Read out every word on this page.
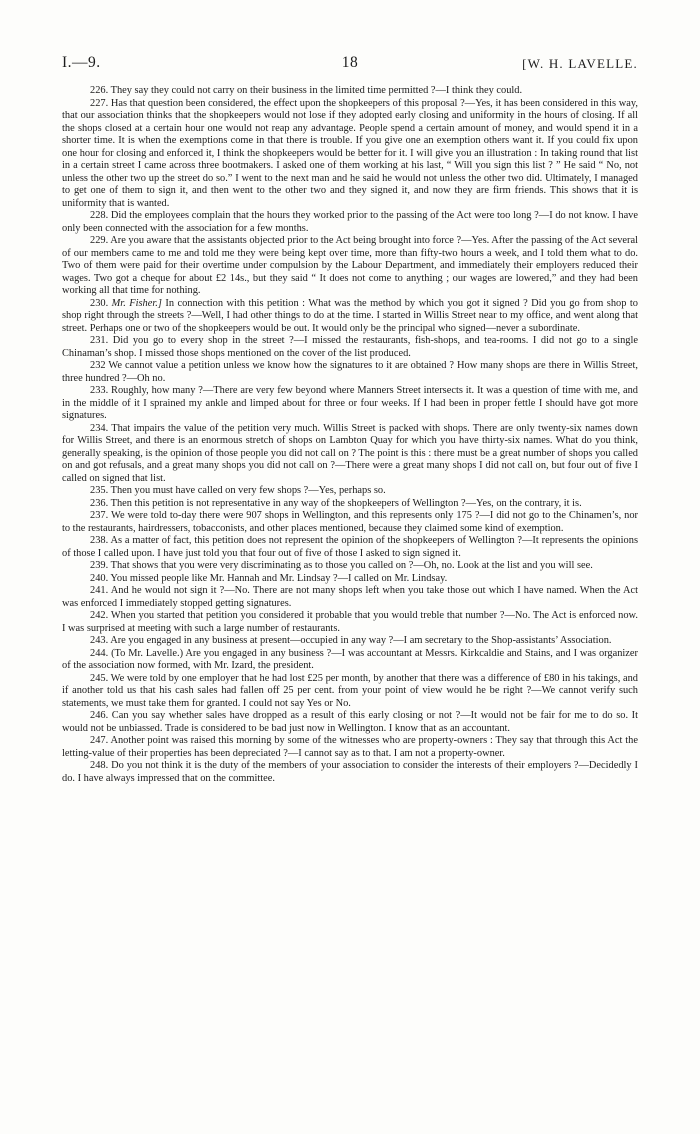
I.—9.	18	[W. H. LAVELLE.

226. They say they could not carry on their business in the limited time permitted ?—I think they could.

227. Has that question been considered, the effect upon the shopkeepers of this proposal ?—Yes, it has been considered in this way, that our association thinks that the shopkeepers would not lose if they adopted early closing and uniformity in the hours of closing. If all the shops closed at a certain hour one would not reap any advantage. People spend a certain amount of money, and would spend it in a shorter time. It is when the exemptions come in that there is trouble. If you give one an exemption others want it. If you could fix upon one hour for closing and enforced it, I think the shopkeepers would be better for it. I will give you an illustration : In taking round that list in a certain street I came across three bootmakers. I asked one of them working at his last, “ Will you sign this list ? ” He said “ No, not unless the other two up the street do so.” I went to the next man and he said he would not unless the other two did. Ultimately, I managed to get one of them to sign it, and then went to the other two and they signed it, and now they are firm friends. This shows that it is uniformity that is wanted.

228. Did the employees complain that the hours they worked prior to the passing of the Act were too long ?—I do not know. I have only been connected with the association for a few months.

229. Are you aware that the assistants objected prior to the Act being brought into force ?—Yes. After the passing of the Act several of our members came to me and told me they were being kept over time, more than fifty-two hours a week, and I told them what to do. Two of them were paid for their overtime under compulsion by the Labour Department, and immediately their employers reduced their wages. Two got a cheque for about £2 14s., but they said “ It does not come to anything ; our wages are lowered,” and they had been working all that time for nothing.

230. Mr. Fisher.] In connection with this petition : What was the method by which you got it signed ? Did you go from shop to shop right through the streets ?—Well, I had other things to do at the time. I started in Willis Street near to my office, and went along that street. Perhaps one or two of the shopkeepers would be out. It would only be the principal who signed—never a subordinate.

231. Did you go to every shop in the street ?—I missed the restaurants, fish-shops, and tea-rooms. I did not go to a single Chinaman’s shop. I missed those shops mentioned on the cover of the list produced.

232 We cannot value a petition unless we know how the signatures to it are obtained ? How many shops are there in Willis Street, three hundred ?—Oh no.

233. Roughly, how many ?—There are very few beyond where Manners Street intersects it. It was a question of time with me, and in the middle of it I sprained my ankle and limped about for three or four weeks. If I had been in proper fettle I should have got more signatures.

234. That impairs the value of the petition very much. Willis Street is packed with shops. There are only twenty-six names down for Willis Street, and there is an enormous stretch of shops on Lambton Quay for which you have thirty-six names. What do you think, generally speaking, is the opinion of those people you did not call on ? The point is this : there must be a great number of shops you called on and got refusals, and a great many shops you did not call on ?—There were a great many shops I did not call on, but four out of five I called on signed that list.

235. Then you must have called on very few shops ?—Yes, perhaps so.

236. Then this petition is not representative in any way of the shopkeepers of Wellington ?—Yes, on the contrary, it is.

237. We were told to-day there were 907 shops in Wellington, and this represents only 175 ?—I did not go to the Chinamen’s, nor to the restaurants, hairdressers, tobacconists, and other places mentioned, because they claimed some kind of exemption.

238. As a matter of fact, this petition does not represent the opinion of the shopkeepers of Wellington ?—It represents the opinions of those I called upon. I have just told you that four out of five of those I asked to sign signed it.

239. That shows that you were very discriminating as to those you called on ?—Oh, no. Look at the list and you will see.

240. You missed people like Mr. Hannah and Mr. Lindsay ?—I called on Mr. Lindsay.

241. And he would not sign it ?—No. There are not many shops left when you take those out which I have named. When the Act was enforced I immediately stopped getting signatures.

242. When you started that petition you considered it probable that you would treble that number ?—No. The Act is enforced now. I was surprised at meeting with such a large number of restaurants.

243. Are you engaged in any business at present—occupied in any way ?—I am secretary to the Shop-assistants’ Association.

244. (To Mr. Lavelle.) Are you engaged in any business ?—I was accountant at Messrs. Kirkcaldie and Stains, and I was organizer of the association now formed, with Mr. Izard, the president.

245. We were told by one employer that he had lost £25 per month, by another that there was a difference of £80 in his takings, and if another told us that his cash sales had fallen off 25 per cent. from your point of view would he be right ?—We cannot verify such statements, we must take them for granted. I could not say Yes or No.

246. Can you say whether sales have dropped as a result of this early closing or not ?—It would not be fair for me to do so. It would not be unbiassed. Trade is considered to be bad just now in Wellington. I know that as an accountant.

247. Another point was raised this morning by some of the witnesses who are property-owners : They say that through this Act the letting-value of their properties has been depreciated ?—I cannot say as to that. I am not a property-owner.

248. Do you not think it is the duty of the members of your association to consider the interests of their employers ?—Decidedly I do. I have always impressed that on the committee.
